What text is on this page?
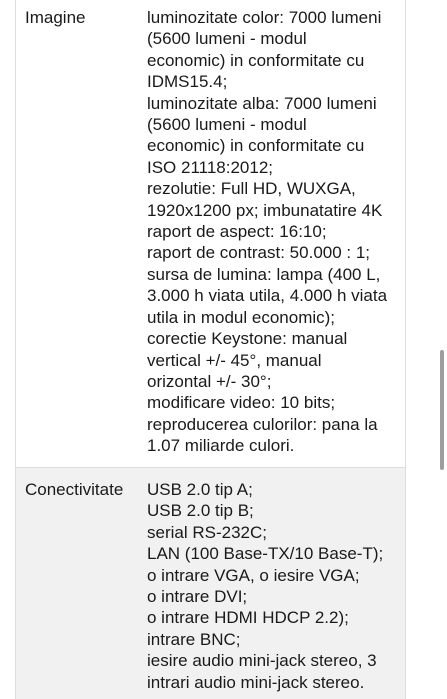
Imagine	luminozitate color: 7000 lumeni
(5600 lumeni - modul
economic) in conformitate cu
IDMS15.4;
luminozitate alba: 7000 lumeni
(5600 lumeni - modul
economic) in conformitate cu
ISO 21118:2012;
rezolutie: Full HD, WUXGA,
1920x1200 px; imbunatatire 4K
raport de aspect: 16:10;
raport de contrast: 50.000 : 1;
sursa de lumina: lampa (400 L,
3.000 h viata utila, 4.000 h viata
utila in modul economic);
corectie Keystone: manual
vertical +/- 45°, manual
orizontal +/- 30°;
modificare video: 10 bits;
reproducerea culorilor: pana la
1.07 miliarde culori.
Conectivitate	USB 2.0 tip A;
USB 2.0 tip B;
serial RS-232C;
LAN (100 Base-TX/10 Base-T);
o intrare VGA, o iesire VGA;
o intrare DVI;
o intrare HDMI HDCP 2.2);
intrare BNC;
iesire audio mini-jack stereo, 3
intrari audio mini-jack stereo.
